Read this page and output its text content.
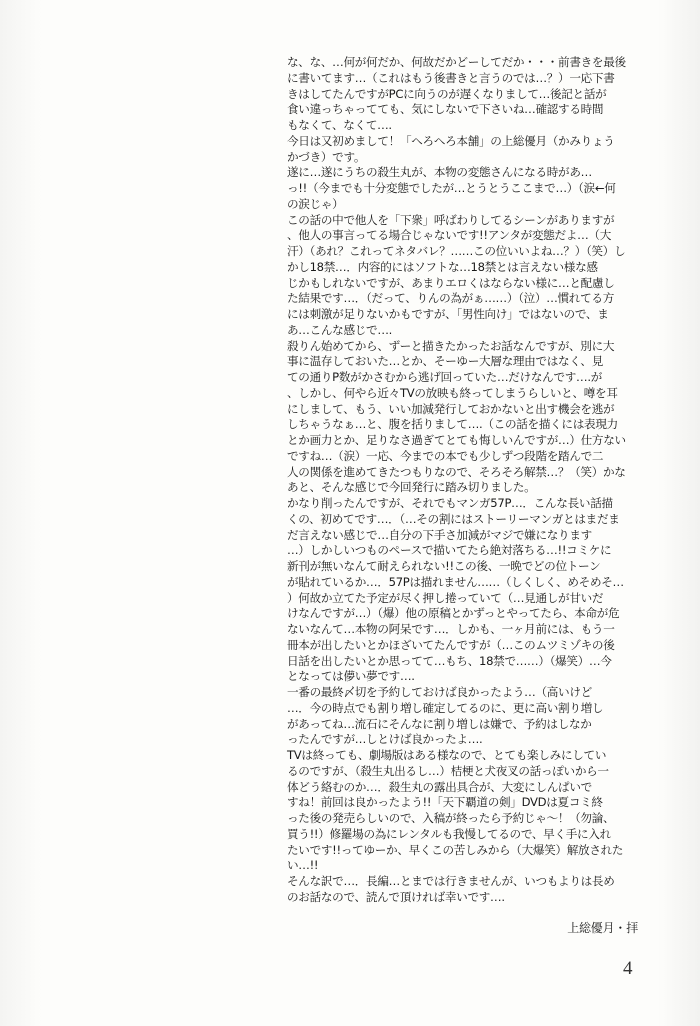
な、な、…何が何だか、何故だかどーしてだか・・・前書きを最後
に書いてます…（これはもう後書きと言うのでは…？）一応下書
きはしてたんですがPCに向うのが遅くなりまして…後記と話が
食い違っちゃってても、気にしないで下さいね…確認する時間
もなくて、なくて….
今日は又初めまして！「へろへろ本舗」の上総優月（かみりょう
かづき）です。
遂に…遂にうちの殺生丸が、本物の変態さんになる時があ…
っ!!（今までも十分変態でしたが…とうとうここまで…）（涙←何
の涙じゃ）
この話の中で他人を「下衆」呼ばわりしてるシーンがありますが
、他人の事言ってる場合じゃないです!!アンタが変態だよ…（大
汗）（あれ？これってネタバレ？……この位いいよね…？）（笑）し
かし18禁…．内容的にはソフトな…18禁とは言えない様な感
じかもしれないですが、あまりエロくはならない様に…と配慮し
た結果です…．（だって、りんの為がぁ……）（泣）…慣れてる方
には刺激が足りないかもですが、「男性向け」ではないので、ま
あ…こんな感じで….
殺りん始めてから、ずーと描きたかったお話なんですが、別に大
事に温存しておいた…とか、そーゆー大層な理由ではなく、見
ての通りP数がかさむから逃げ回っていた…だけなんです….が
、しかし、何やら近々TVの放映も終ってしまうらしいと、噂を耳
にしまして、もう、いい加減発行しておかないと出す機会を逃が
しちゃうなぁ…と、腹を括りまして….（この話を描くには表現力
とか画力とか、足りなさ過ぎてとても悔しいんですが…）仕方ない
ですね…（涙）一応、今までの本でも少しずつ段階を踏んで二
人の関係を進めてきたつもりなので、そろそろ解禁…？（笑）かな
あと、そんな感じで今回発行に踏み切りました。
かなり削ったんですが、それでもマンガ57P…．こんな長い話描
くの、初めてです…．（…その割にはストーリーマンガとはまだま
だ言えない感じで…自分の下手さ加減がマジで嫌になります
…）しかしいつものペースで描いてたら絶対落ちる…!!コミケに
新刊が無いなんて耐えられない!!この後、一晩でどの位トーン
が貼れているか…．57Pは描れません……（しくしく、めそめそ…
）何故か立てた予定が尽く押し捲っていて（…見通しが甘いだ
けなんですが…）（爆）他の原稿とかずっとやってたら、本命が危
ないなんて…本物の阿呆です…．しかも、一ヶ月前には、もう一
冊本が出したいとかほざいてたんですが（…このムツミゾキの後
日話を出したいとか思ってて…もち、18禁で……）（爆笑）…今
となっては儚い夢です….
一番の最終〆切を予約しておけば良かったよう…（高いけど
…．今の時点でも割り増し確定してるのに、更に高い割り増し
があってね…流石にそんなに割り増しは嫌で、予約はしなか
ったんですが…しとけば良かったよ….
TVは終っても、劇場版はある様なので、とても楽しみにしてい
るのですが、（殺生丸出るし…）桔梗と犬夜叉の話っぽいから一
体どう絡むのか…．殺生丸の露出具合が、大変にしんぱいで
すね！前回は良かったよう!!「天下覇道の剣」DVDは夏コミ終
った後の発売らしいので、入稿が終ったら予約じゃ～！（勿論、
買う!!）修羅場の為にレンタルも我慢してるので、早く手に入れ
たいです!!ってゆーか、早くこの苦しみから（大爆笑）解放された
い…!!
そんな訳で…．長編…とまでは行きませんが、いつもよりは長め
のお話なので、読んで頂ければ幸いです….
上総優月・拝
4
